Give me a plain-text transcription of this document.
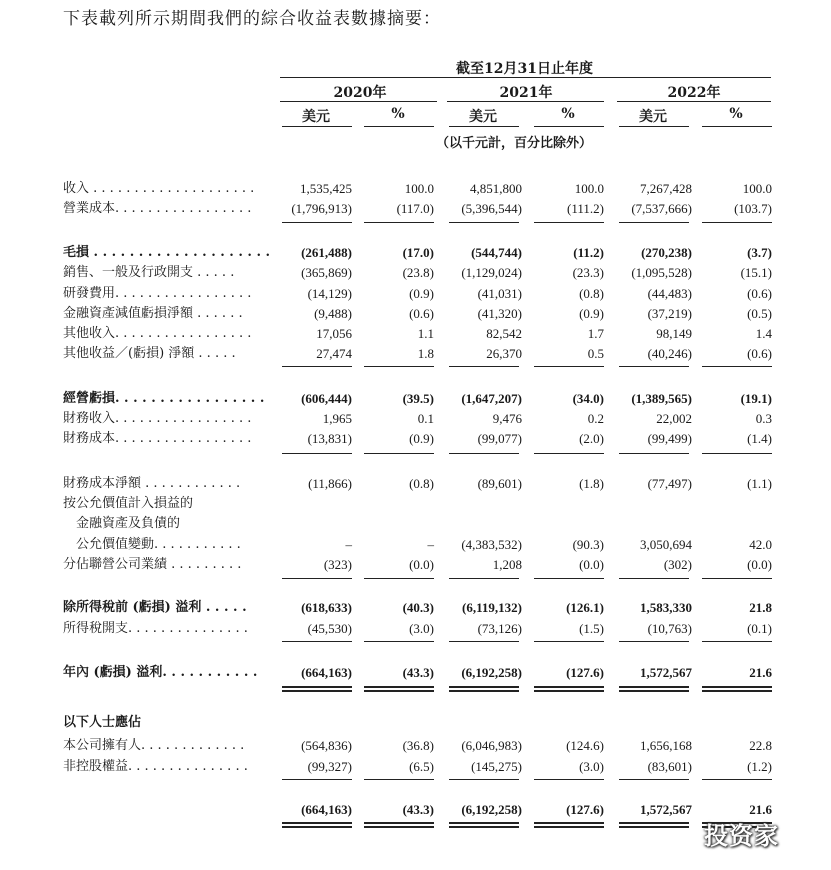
下表載列所示期間我們的綜合收益表數據摘要：
截至12月31日止年度
2020年	2021年	2022年
美元	%	美元	%	美元	%
（以千元計，百分比除外）
收入 . . . . . . . . . . . . . . . . . . . .	1,535,425	100.0	4,851,800	100.0	7,267,428	100.0
營業成本. . . . . . . . . . . . . . . . .	(1,796,913)	(117.0)	(5,396,544)	(111.2)	(7,537,666)	(103.7)
毛損 . . . . . . . . . . . . . . . . . . . .	(261,488)	(17.0)	(544,744)	(11.2)	(270,238)	(3.7)
銷售、一般及行政開支 . . . . .	(365,869)	(23.8)	(1,129,024)	(23.3)	(1,095,528)	(15.1)
研發費用. . . . . . . . . . . . . . . . .	(14,129)	(0.9)	(41,031)	(0.8)	(44,483)	(0.6)
金融資產減值虧損淨額 . . . . . .	(9,488)	(0.6)	(41,320)	(0.9)	(37,219)	(0.5)
其他收入. . . . . . . . . . . . . . . . .	17,056	1.1	82,542	1.7	98,149	1.4
其他收益／(虧損) 淨額 . . . . .	27,474	1.8	26,370	0.5	(40,246)	(0.6)
經營虧損. . . . . . . . . . . . . . . . .	(606,444)	(39.5)	(1,647,207)	(34.0)	(1,389,565)	(19.1)
財務收入. . . . . . . . . . . . . . . . .	1,965	0.1	9,476	0.2	22,002	0.3
財務成本. . . . . . . . . . . . . . . . .	(13,831)	(0.9)	(99,077)	(2.0)	(99,499)	(1.4)
財務成本淨額 . . . . . . . . . . . .	(11,866)	(0.8)	(89,601)	(1.8)	(77,497)	(1.1)
按公允價值計入損益的
　金融資產及負債的
　公允價值變動. . . . . . . . . . .	–	–	(4,383,532)	(90.3)	3,050,694	42.0
分佔聯營公司業績 . . . . . . . . .	(323)	(0.0)	1,208	(0.0)	(302)	(0.0)
除所得稅前 (虧損) 溢利 . . . . .	(618,633)	(40.3)	(6,119,132)	(126.1)	1,583,330	21.8
所得稅開支. . . . . . . . . . . . . . .	(45,530)	(3.0)	(73,126)	(1.5)	(10,763)	(0.1)
年內 (虧損) 溢利. . . . . . . . . . .	(664,163)	(43.3)	(6,192,258)	(127.6)	1,572,567	21.6
以下人士應佔
本公司擁有人. . . . . . . . . . . . .	(564,836)	(36.8)	(6,046,983)	(124.6)	1,656,168	22.8
非控股權益. . . . . . . . . . . . . . .	(99,327)	(6.5)	(145,275)	(3.0)	(83,601)	(1.2)
(664,163)	(43.3)	(6,192,258)	(127.6)	1,572,567	21.6
投资家
